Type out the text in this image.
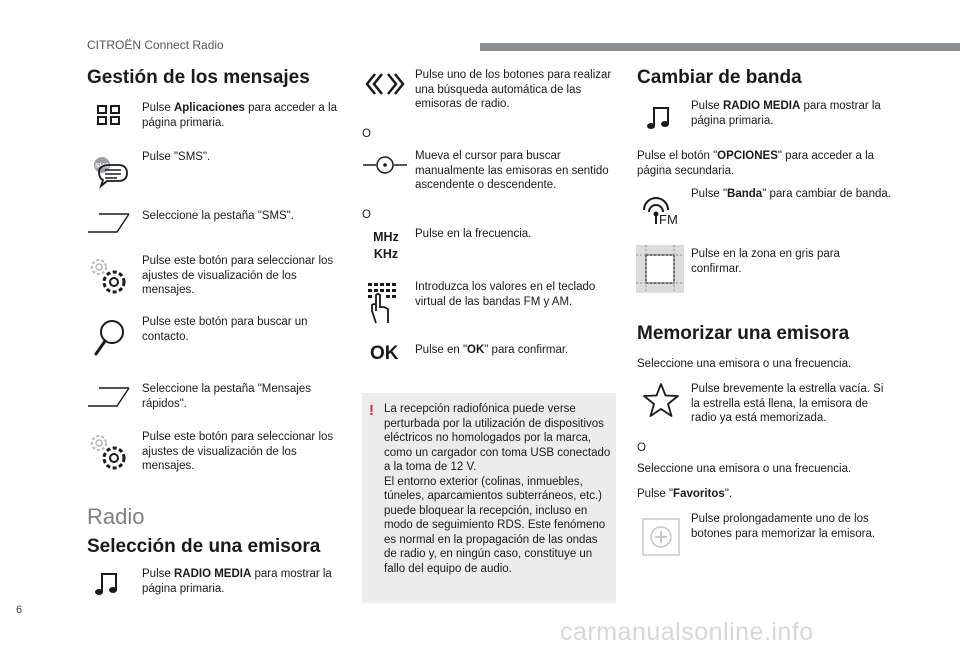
CITROËN Connect Radio
Gestión de los mensajes
Pulse Aplicaciones para acceder a la página primaria.
SMS
Pulse "SMS".
Seleccione la pestaña "SMS".
Pulse este botón para seleccionar los ajustes de visualización de los mensajes.
Pulse este botón para buscar un contacto.
Seleccione la pestaña "Mensajes rápidos".
Pulse este botón para seleccionar los ajustes de visualización de los mensajes.
Radio
Selección de una emisora
Pulse RADIO MEDIA para mostrar la página primaria.
Pulse uno de los botones para realizar una búsqueda automática de las emisoras de radio.
O
Mueva el cursor para buscar manualmente las emisoras en sentido ascendente o descendente.
O
MHz
KHz
Pulse en la frecuencia.
Introduzca los valores en el teclado virtual de las bandas FM y AM.
OK Pulse en "OK" para confirmar.
! La recepción radiofónica puede verse perturbada por la utilización de dispositivos eléctricos no homologados por la marca, como un cargador con toma USB conectado a la toma de 12 V.
El entorno exterior (colinas, inmuebles, túneles, aparcamientos subterráneos, etc.) puede bloquear la recepción, incluso en modo de seguimiento RDS. Este fenómeno es normal en la propagación de las ondas de radio y, en ningún caso, constituye un fallo del equipo de audio.
Cambiar de banda
Pulse RADIO MEDIA para mostrar la página primaria.
Pulse el botón "OPCIONES" para acceder a la página secundaria.
FM
Pulse "Banda" para cambiar de banda.
Pulse en la zona en gris para confirmar.
Memorizar una emisora
Seleccione una emisora o una frecuencia.
Pulse brevemente la estrella vacía. Si la estrella está llena, la emisora de radio ya está memorizada.
O
Seleccione una emisora o una frecuencia.
Pulse "Favoritos".
Pulse prolongadamente uno de los botones para memorizar la emisora.
6
carmanualsonline.info
